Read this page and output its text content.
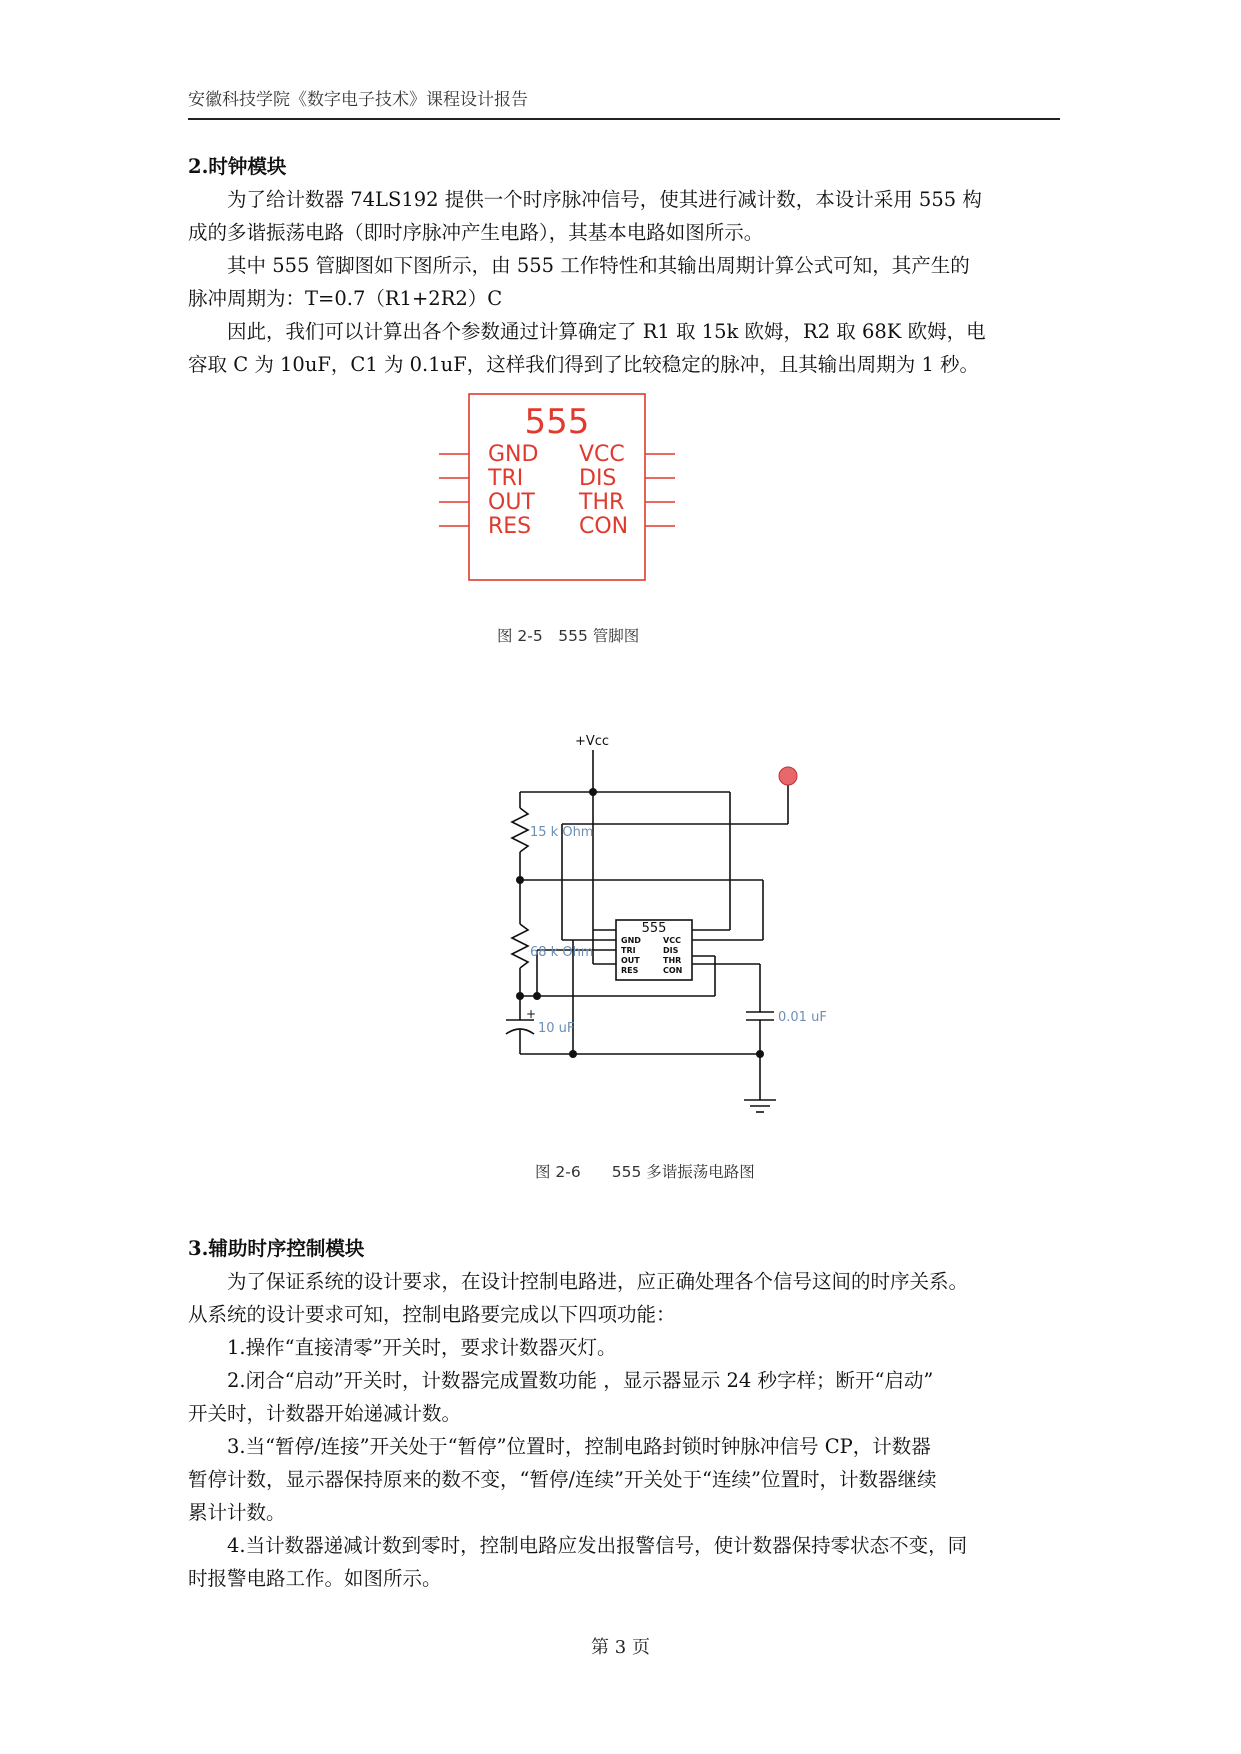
安徽科技学院《数字电子技术》课程设计报告
2.时钟模块
为了给计数器 74LS192 提供一个时序脉冲信号，使其进行减计数，本设计采用 555 构
成的多谐振荡电路（即时序脉冲产生电路），其基本电路如图所示。
其中 555 管脚图如下图所示，由 555 工作特性和其输出周期计算公式可知，其产生的
脉冲周期为：T=0.7（R1+2R2）C
因此，我们可以计算出各个参数通过计算确定了 R1 取 15k 欧姆，R2 取 68K 欧姆，电
容取 C 为 10uF，C1 为 0.1uF，这样我们得到了比较稳定的脉冲，且其输出周期为 1 秒。
555
GND
TRI
OUT
RES
VCC
DIS
THR
CON
图 2-5　555 管脚图
+Vcc
15 k Ohm
68 k Ohm
10 uF
0.01 uF
+
555
GND
TRI
OUT
RES
VCC
DIS
THR
CON
图 2-6　　555 多谐振荡电路图
3.辅助时序控制模块
为了保证系统的设计要求，在设计控制电路进，应正确处理各个信号这间的时序关系。
从系统的设计要求可知，控制电路要完成以下四项功能：
1.操作“直接清零”开关时，要求计数器灭灯。
2.闭合“启动”开关时，计数器完成置数功能 ，显示器显示 24 秒字样；断开“启动”
开关时，计数器开始递减计数。
3.当“暂停/连接”开关处于“暂停”位置时，控制电路封锁时钟脉冲信号 CP，计数器
暂停计数，显示器保持原来的数不变，“暂停/连续”开关处于“连续”位置时，计数器继续
累计计数。
4.当计数器递减计数到零时，控制电路应发出报警信号，使计数器保持零状态不变，同
时报警电路工作。如图所示。
第 3 页
